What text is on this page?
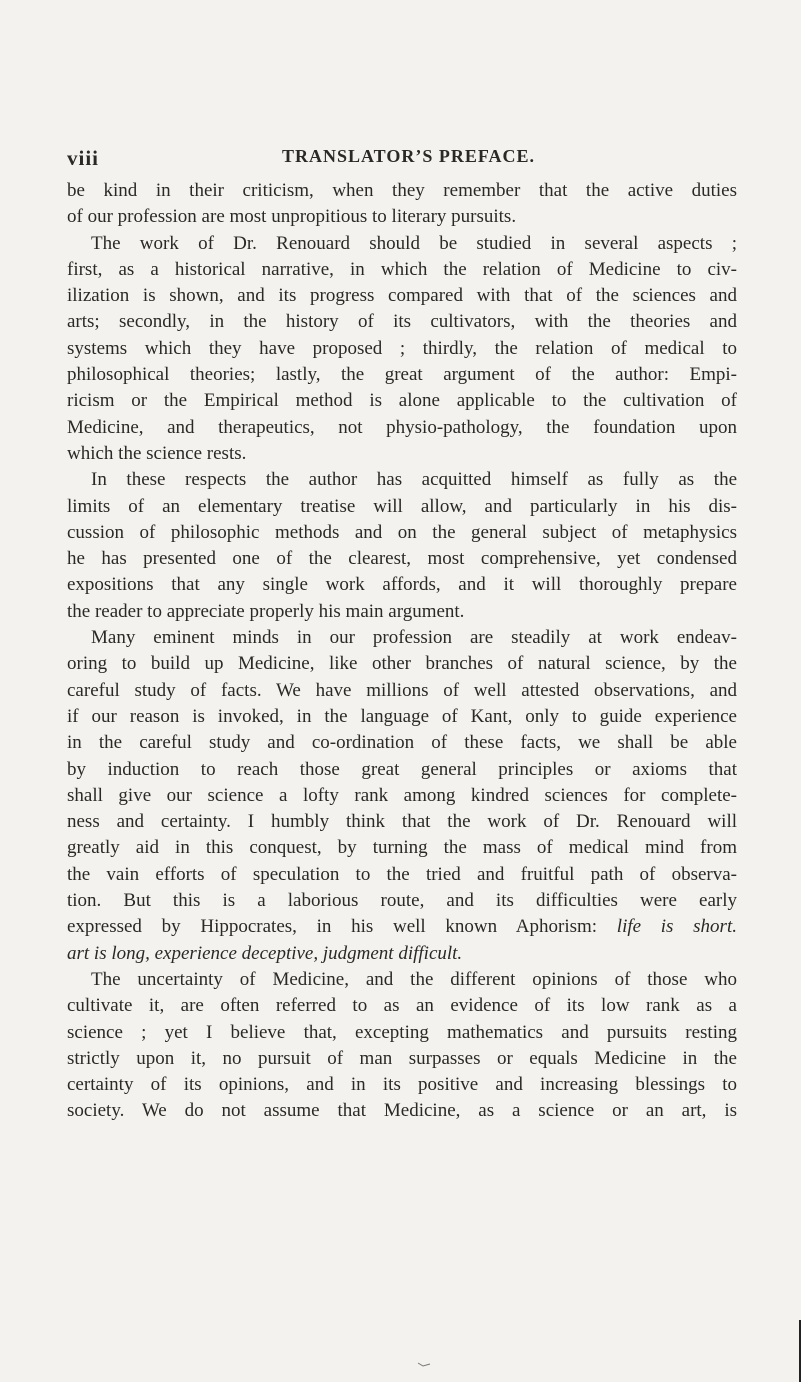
viii	TRANSLATOR’S PREFACE.
be kind in their criticism, when they remember that the active duties
of our profession are most unpropitious to literary pursuits.
The work of Dr. Renouard should be studied in several aspects ;
first, as a historical narrative, in which the relation of Medicine to civ-
ilization is shown, and its progress compared with that of the sciences and
arts; secondly, in the history of its cultivators, with the theories and
systems which they have proposed ; thirdly, the relation of medical to
philosophical theories; lastly, the great argument of the author: Empi-
ricism or the Empirical method is alone applicable to the cultivation of
Medicine, and therapeutics, not physio-pathology, the foundation upon
which the science rests.
In these respects the author has acquitted himself as fully as the
limits of an elementary treatise will allow, and particularly in his dis-
cussion of philosophic methods and on the general subject of metaphysics
he has presented one of the clearest, most comprehensive, yet condensed
expositions that any single work affords, and it will thoroughly prepare
the reader to appreciate properly his main argument.
Many eminent minds in our profession are steadily at work endeav-
oring to build up Medicine, like other branches of natural science, by the
careful study of facts. We have millions of well attested observations, and
if our reason is invoked, in the language of Kant, only to guide experience
in the careful study and co-ordination of these facts, we shall be able
by induction to reach those great general principles or axioms that
shall give our science a lofty rank among kindred sciences for complete-
ness and certainty. I humbly think that the work of Dr. Renouard will
greatly aid in this conquest, by turning the mass of medical mind from
the vain efforts of speculation to the tried and fruitful path of observa-
tion. But this is a laborious route, and its difficulties were early
expressed by Hippocrates, in his well known Aphorism: life is short.
art is long, experience deceptive, judgment difficult.
The uncertainty of Medicine, and the different opinions of those who
cultivate it, are often referred to as an evidence of its low rank as a
science ; yet I believe that, excepting mathematics and pursuits resting
strictly upon it, no pursuit of man surpasses or equals Medicine in the
certainty of its opinions, and in its positive and increasing blessings to
society. We do not assume that Medicine, as a science or an art, is
